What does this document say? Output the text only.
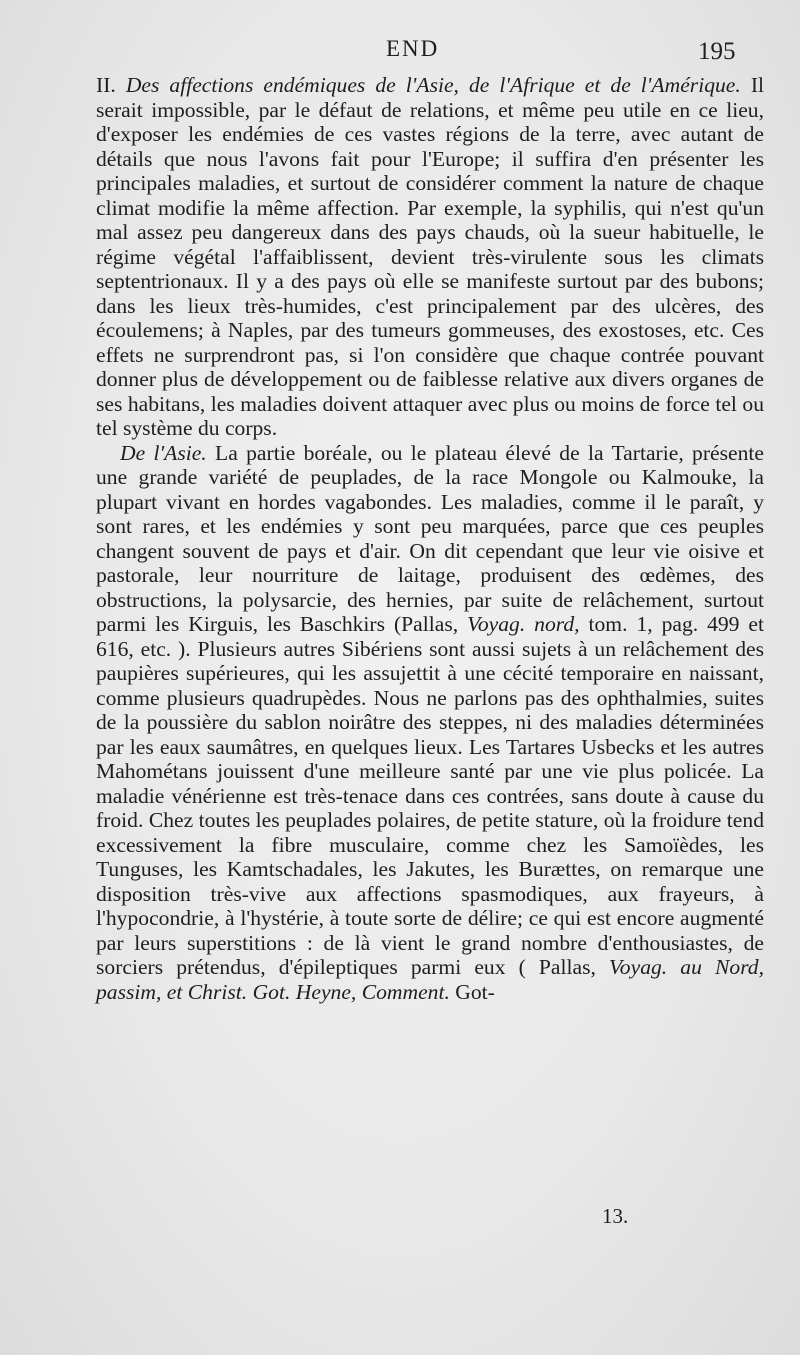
END	195

II. Des affections endémiques de l'Asie, de l'Afrique et de l'Amérique. Il serait impossible, par le défaut de relations, et même peu utile en ce lieu, d'exposer les endémies de ces vastes régions de la terre, avec autant de détails que nous l'avons fait pour l'Europe; il suffira d'en présenter les principales maladies, et surtout de considérer comment la nature de chaque climat modifie la même affection. Par exemple, la syphilis, qui n'est qu'un mal assez peu dangereux dans des pays chauds, où la sueur habituelle, le régime végétal l'affaiblissent, devient très-virulente sous les climats septentrionaux. Il y a des pays où elle se manifeste surtout par des bubons; dans les lieux très-humides, c'est principalement par des ulcères, des écoulemens; à Naples, par des tumeurs gommeuses, des exostoses, etc. Ces effets ne surprendront pas, si l'on considère que chaque contrée pouvant donner plus de développement ou de faiblesse relative aux divers organes de ses habitans, les maladies doivent attaquer avec plus ou moins de force tel ou tel système du corps.

De l'Asie. La partie boréale, ou le plateau élevé de la Tartarie, présente une grande variété de peuplades, de la race Mongole ou Kalmouke, la plupart vivant en hordes vagabondes. Les maladies, comme il le paraît, y sont rares, et les endémies y sont peu marquées, parce que ces peuples changent souvent de pays et d'air. On dit cependant que leur vie oisive et pastorale, leur nourriture de laitage, produisent des œdèmes, des obstructions, la polysarcie, des hernies, par suite de relâchement, surtout parmi les Kirguis, les Baschkirs (Pallas, Voyag. nord, tom. 1, pag. 499 et 616, etc. ). Plusieurs autres Sibériens sont aussi sujets à un relâchement des paupières supérieures, qui les assujettit à une cécité temporaire en naissant, comme plusieurs quadrupèdes. Nous ne parlons pas des ophthalmies, suites de la poussière du sablon noirâtre des steppes, ni des maladies déterminées par les eaux saumâtres, en quelques lieux. Les Tartares Usbecks et les autres Mahométans jouissent d'une meilleure santé par une vie plus policée. La maladie vénérienne est très-tenace dans ces contrées, sans doute à cause du froid. Chez toutes les peuplades polaires, de petite stature, où la froidure tend excessivement la fibre musculaire, comme chez les Samoïèdes, les Tunguses, les Kamtschadales, les Jakutes, les Burættes, on remarque une disposition très-vive aux affections spasmodiques, aux frayeurs, à l'hypocondrie, à l'hystérie, à toute sorte de délire; ce qui est encore augmenté par leurs superstitions : de là vient le grand nombre d'enthousiastes, de sorciers prétendus, d'épileptiques parmi eux ( Pallas, Voyag. au Nord, passim, et Christ. Got. Heyne, Comment. Got-

13.
